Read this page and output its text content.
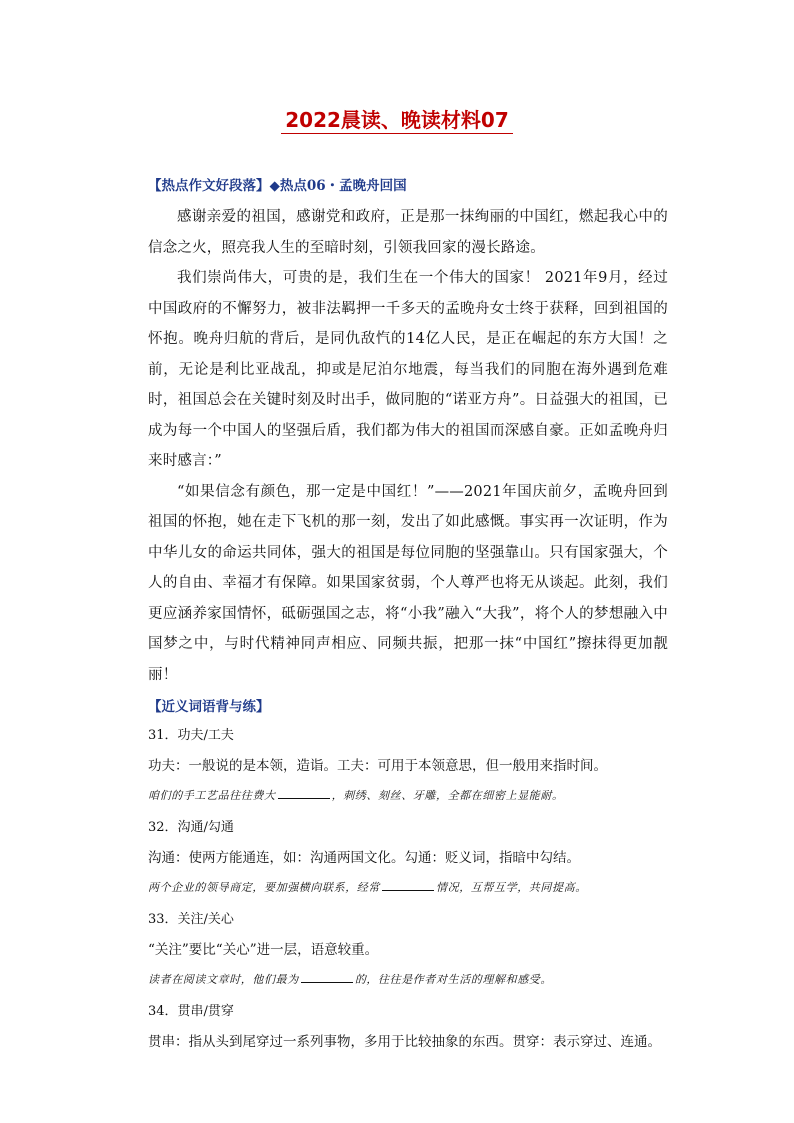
2022晨读、晚读材料07
【热点作文好段落】◆热点06・孟晚舟回国

感谢亲爱的祖国，感谢党和政府，正是那一抹绚丽的中国红，燃起我心中的信念之火，照亮我人生的至暗时刻，引领我回家的漫长路途。

我们崇尚伟大，可贵的是，我们生在一个伟大的国家！ 2021年9月，经过中国政府的不懈努力，被非法羁押一千多天的孟晚舟女士终于获释，回到祖国的怀抱。晚舟归航的背后，是同仇敌忾的14亿人民，是正在崛起的东方大国！之前，无论是利比亚战乱，抑或是尼泊尔地震，每当我们的同胞在海外遇到危难时，祖国总会在关键时刻及时出手，做同胞的“诺亚方舟”。日益强大的祖国，已成为每一个中国人的坚强后盾，我们都为伟大的祖国而深感自豪。正如孟晚舟归来时感言：”

“如果信念有颜色，那一定是中国红！”——2021年国庆前夕，孟晚舟回到祖国的怀抱，她在走下飞机的那一刻，发出了如此感慨。事实再一次证明，作为中华儿女的命运共同体，强大的祖国是每位同胞的坚强靠山。只有国家强大，个人的自由、幸福才有保障。如果国家贫弱，个人尊严也将无从谈起。此刻，我们更应涵养家国情怀，砥砺强国之志，将“小我”融入“大我”，将个人的梦想融入中国梦之中，与时代精神同声相应、同频共振，把那一抹“中国红”擦抹得更加靓丽！

【近义词语背与练】
31．功夫/工夫
功夫：一般说的是本领，造诣。工夫：可用于本领意思，但一般用来指时间。
咱们的手工艺品往往费大	，刺绣、刻丝、牙雕，全都在细密上显能耐。
32．沟通/勾通
沟通：使两方能通连，如：沟通两国文化。勾通：贬义词，指暗中勾结。
两个企业的领导商定，要加强横向联系，经常	情况，互帮互学，共同提高。
33．关注/关心
“关注”要比“关心”进一层，语意较重。
读者在阅读文章时，他们最为	的，往往是作者对生活的理解和感受。
34．贯串/贯穿
贯串：指从头到尾穿过一系列事物，多用于比较抽象的东西。贯穿：表示穿过、连通。
